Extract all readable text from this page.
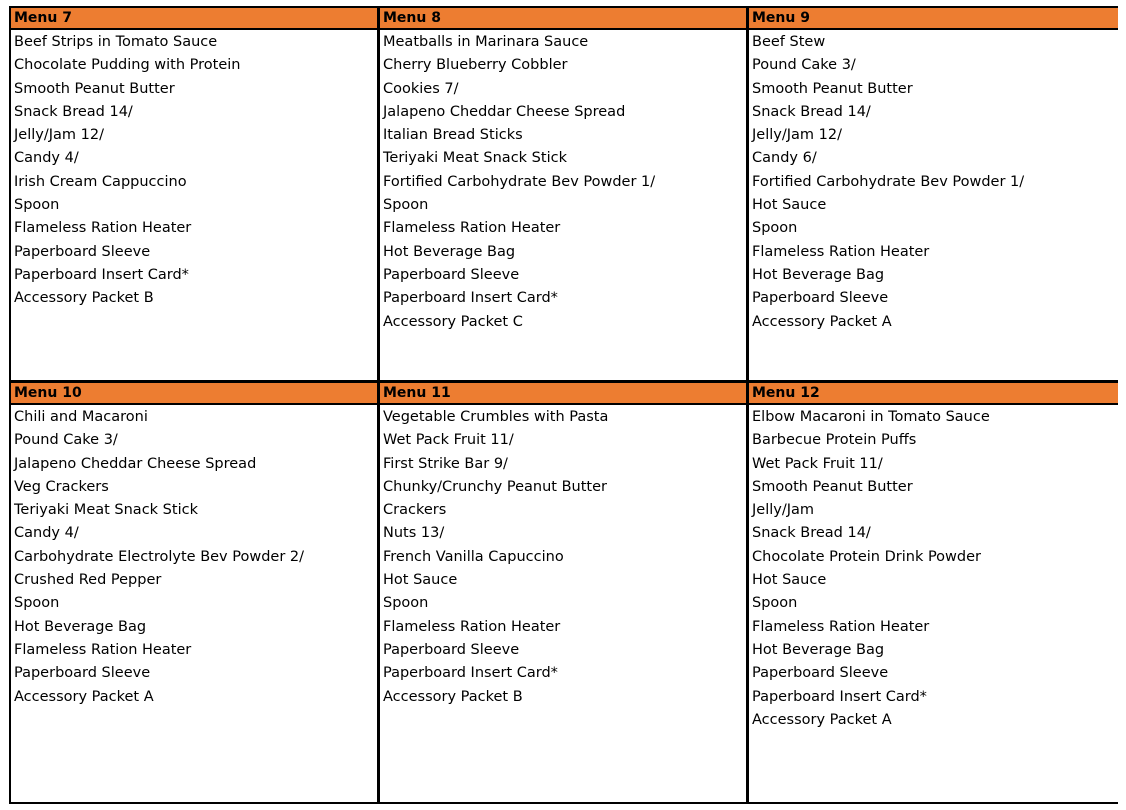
Menu 7
Beef Strips in Tomato Sauce
Chocolate Pudding with Protein
Smooth Peanut Butter
Snack Bread 14/
Jelly/Jam 12/
Candy 4/
Irish Cream Cappuccino
Spoon
Flameless Ration Heater
Paperboard Sleeve
Paperboard Insert Card*
Accessory Packet B
Menu 8
Meatballs in Marinara Sauce
Cherry Blueberry Cobbler
Cookies 7/
Jalapeno Cheddar Cheese Spread
Italian Bread Sticks
Teriyaki Meat Snack Stick
Fortified Carbohydrate Bev Powder 1/
Spoon
Flameless Ration Heater
Hot Beverage Bag
Paperboard Sleeve
Paperboard Insert Card*
Accessory Packet C
Menu 9
Beef Stew
Pound Cake 3/
Smooth Peanut Butter
Snack Bread 14/
Jelly/Jam 12/
Candy 6/
Fortified Carbohydrate Bev Powder 1/
Hot Sauce
Spoon
Flameless Ration Heater
Hot Beverage Bag
Paperboard Sleeve
Accessory Packet A
Menu 10
Chili and Macaroni
Pound Cake 3/
Jalapeno Cheddar Cheese Spread
Veg Crackers
Teriyaki Meat Snack Stick
Candy 4/
Carbohydrate Electrolyte Bev Powder 2/
Crushed Red Pepper
Spoon
Hot Beverage Bag
Flameless Ration Heater
Paperboard Sleeve
Accessory Packet A
Menu 11
Vegetable Crumbles with Pasta
Wet Pack Fruit 11/
First Strike Bar 9/
Chunky/Crunchy Peanut Butter
Crackers
Nuts 13/
French Vanilla Capuccino
Hot Sauce
Spoon
Flameless Ration Heater
Paperboard Sleeve
Paperboard Insert Card*
Accessory Packet B
Menu 12
Elbow Macaroni in Tomato Sauce
Barbecue Protein Puffs
Wet Pack Fruit 11/
Smooth Peanut Butter
Jelly/Jam
Snack Bread 14/
Chocolate Protein Drink Powder
Hot Sauce
Spoon
Flameless Ration Heater
Hot Beverage Bag
Paperboard Sleeve
Paperboard Insert Card*
Accessory Packet A
